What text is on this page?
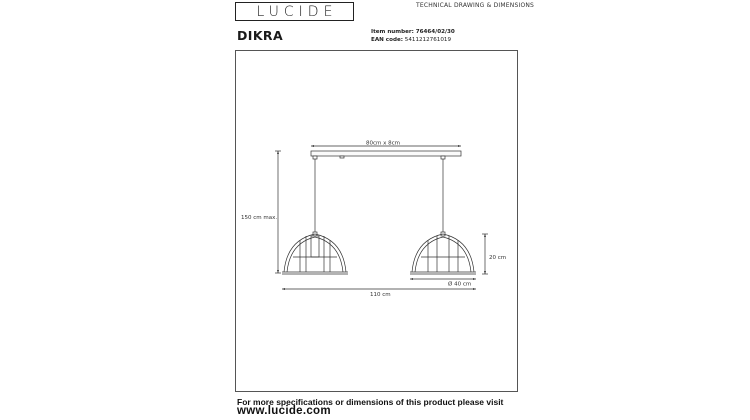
LUCIDE	TECHNICAL DRAWING & DIMENSIONS
DIKRA	Item number: 76464/02/30
EAN code: 5411212761019
80cm x 8cm
150 cm max.
20 cm
Ø 40 cm
110 cm
For more specifications or dimensions of this product please visit
www.lucide.com
